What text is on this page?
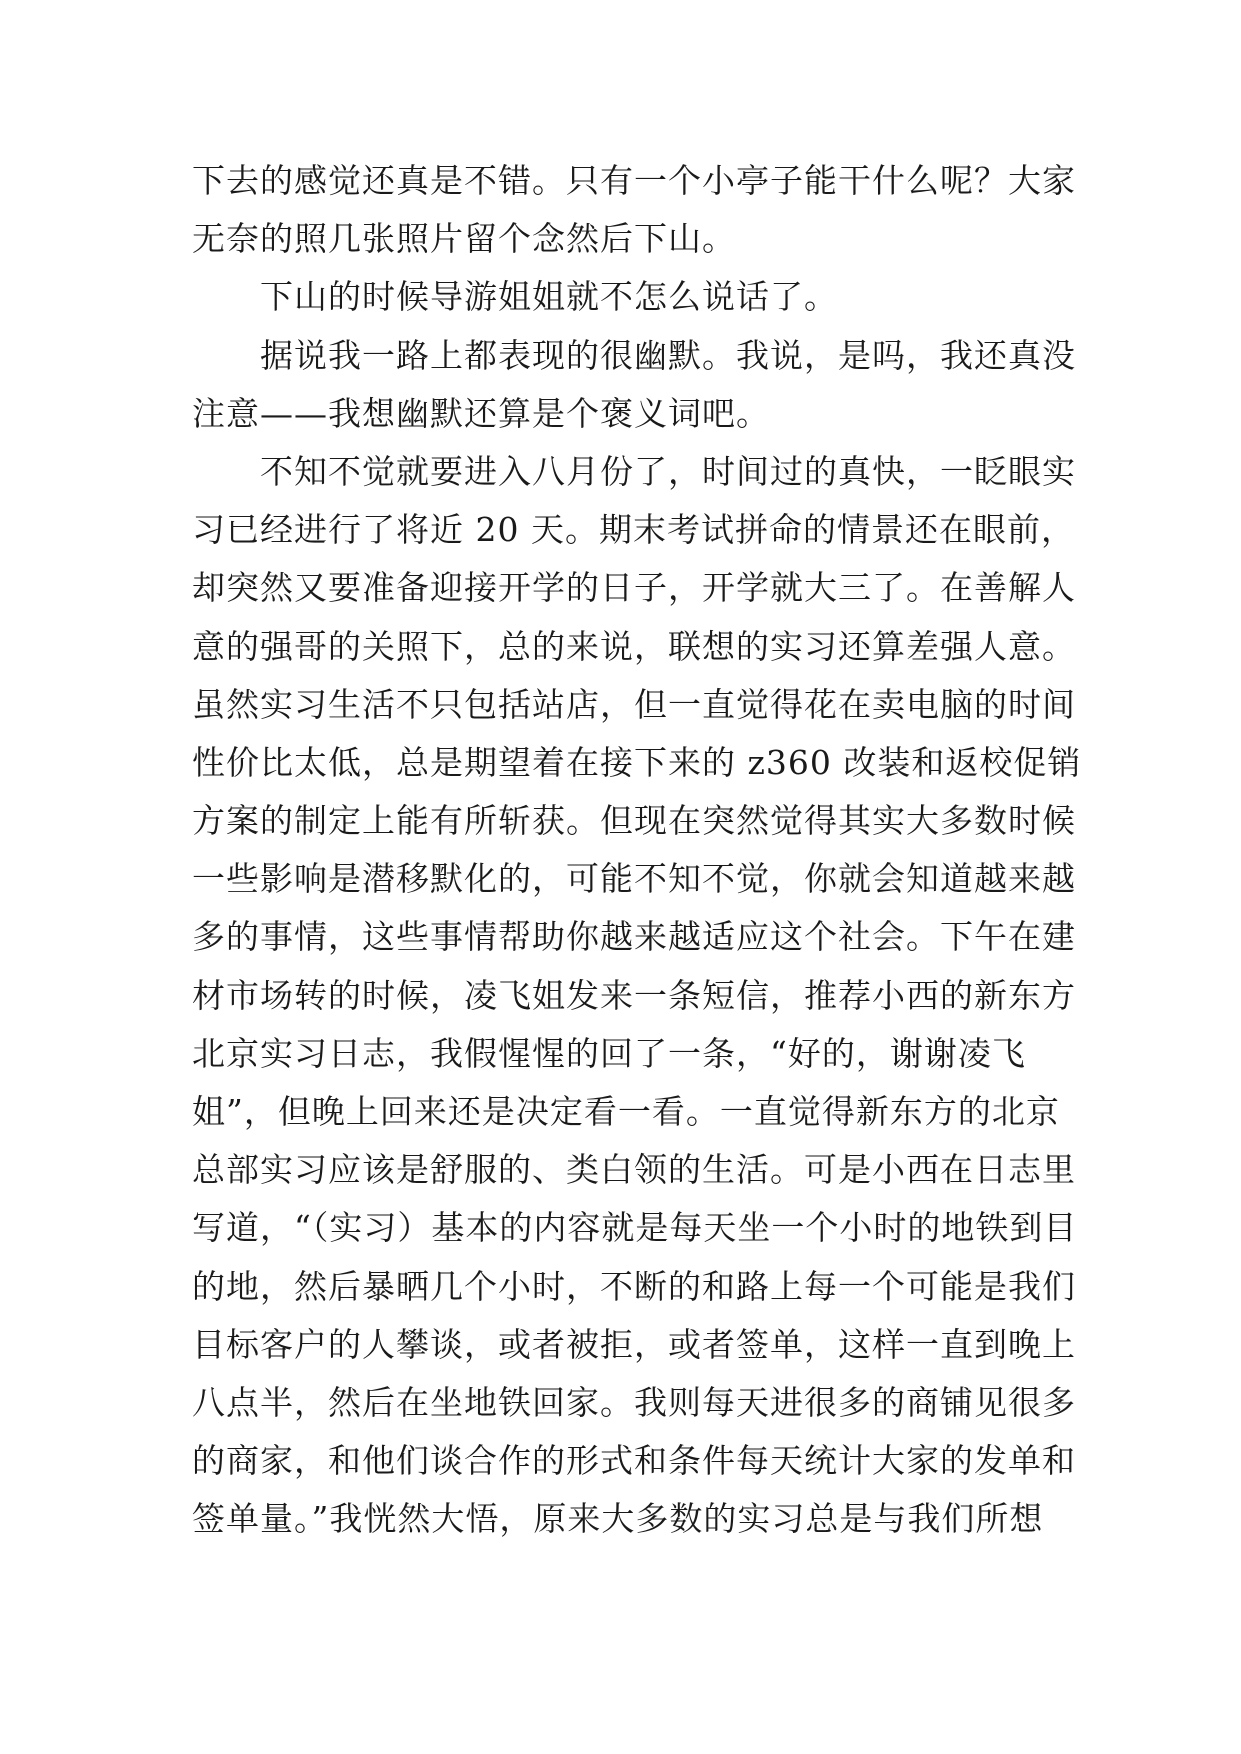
下去的感觉还真是不错。只有一个小亭子能干什么呢？大家
无奈的照几张照片留个念然后下山。
　　下山的时候导游姐姐就不怎么说话了。
　　据说我一路上都表现的很幽默。我说，是吗，我还真没
注意——我想幽默还算是个褒义词吧。
　　不知不觉就要进入八月份了，时间过的真快，一眨眼实
习已经进行了将近 20 天。期末考试拼命的情景还在眼前，
却突然又要准备迎接开学的日子，开学就大三了。在善解人
意的强哥的关照下，总的来说，联想的实习还算差强人意。
虽然实习生活不只包括站店，但一直觉得花在卖电脑的时间
性价比太低，总是期望着在接下来的 z360 改装和返校促销
方案的制定上能有所斩获。但现在突然觉得其实大多数时候
一些影响是潜移默化的，可能不知不觉，你就会知道越来越
多的事情，这些事情帮助你越来越适应这个社会。下午在建
材市场转的时候，凌飞姐发来一条短信，推荐小西的新东方
北京实习日志，我假惺惺的回了一条，“好的，谢谢凌飞
姐”，但晚上回来还是决定看一看。一直觉得新东方的北京
总部实习应该是舒服的、类白领的生活。可是小西在日志里
写道，“（实习）基本的内容就是每天坐一个小时的地铁到目
的地，然后暴晒几个小时，不断的和路上每一个可能是我们
目标客户的人攀谈，或者被拒，或者签单，这样一直到晚上
八点半，然后在坐地铁回家。我则每天进很多的商铺见很多
的商家，和他们谈合作的形式和条件每天统计大家的发单和
签单量。”我恍然大悟，原来大多数的实习总是与我们所想
